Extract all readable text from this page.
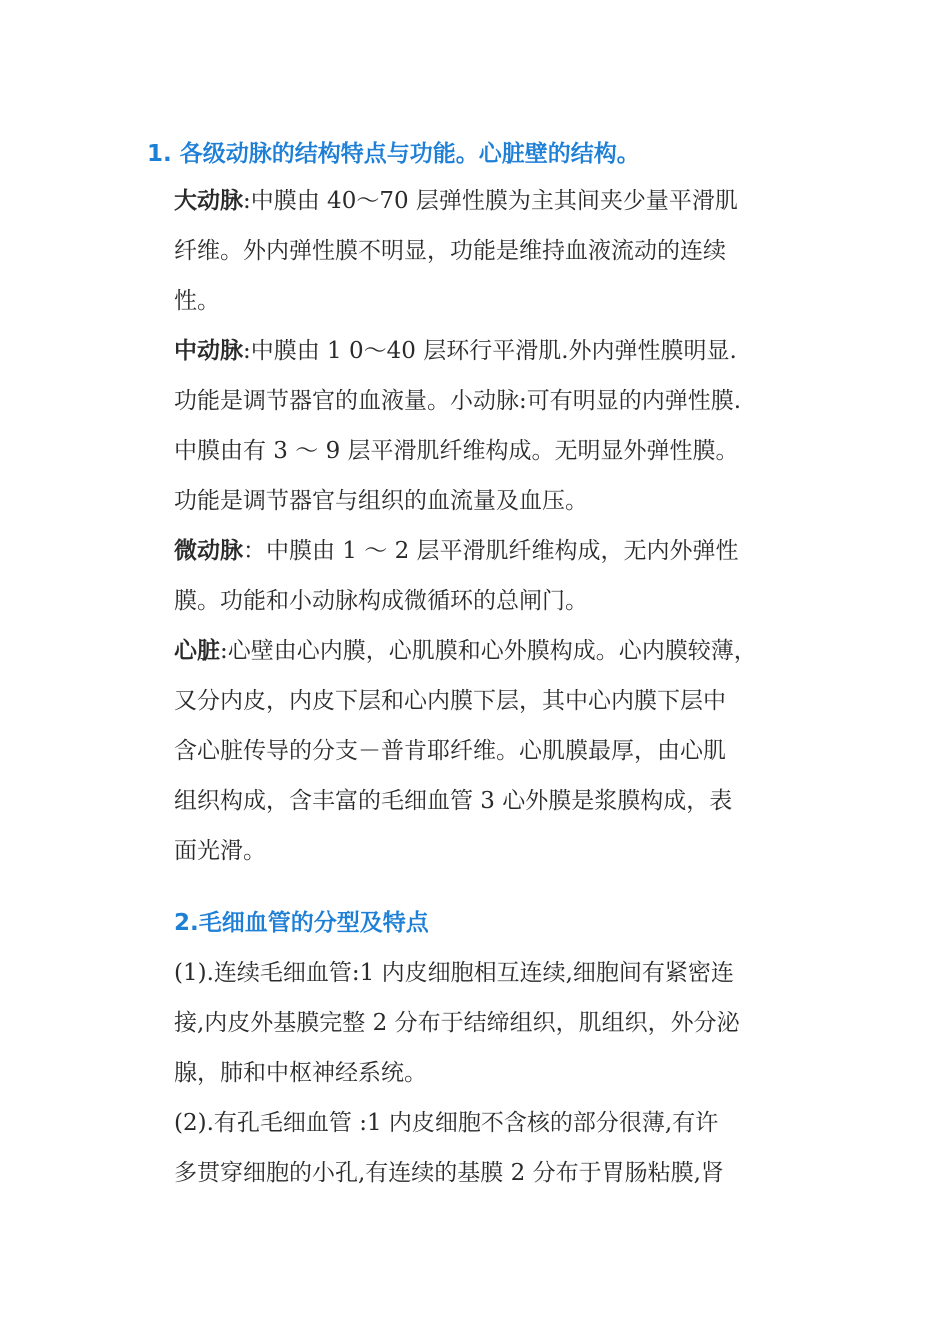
1. 各级动脉的结构特点与功能。心脏壁的结构。
大动脉:中膜由 40～70 层弹性膜为主其间夹少量平滑肌
纤维。外内弹性膜不明显，功能是维持血液流动的连续
性。
中动脉:中膜由 1 0～40 层环行平滑肌.外内弹性膜明显.
功能是调节器官的血液量。小动脉:可有明显的内弹性膜.
中膜由有 3 ～ 9 层平滑肌纤维构成。无明显外弹性膜。
功能是调节器官与组织的血流量及血压。
微动脉：中膜由 1 ～ 2 层平滑肌纤维构成，无内外弹性
膜。功能和小动脉构成微循环的总闸门。
心脏:心壁由心内膜，心肌膜和心外膜构成。心内膜较薄，
又分内皮，内皮下层和心内膜下层，其中心内膜下层中
含心脏传导的分支－普肯耶纤维。心肌膜最厚，由心肌
组织构成，含丰富的毛细血管 3 心外膜是浆膜构成，表
面光滑。
2.毛细血管的分型及特点
(1).连续毛细血管:1 内皮细胞相互连续,细胞间有紧密连
接,内皮外基膜完整 2 分布于结缔组织，肌组织，外分泌
腺，肺和中枢神经系统。
(2).有孔毛细血管 :1 内皮细胞不含核的部分很薄,有许
多贯穿细胞的小孔,有连续的基膜 2 分布于胃肠粘膜,肾
